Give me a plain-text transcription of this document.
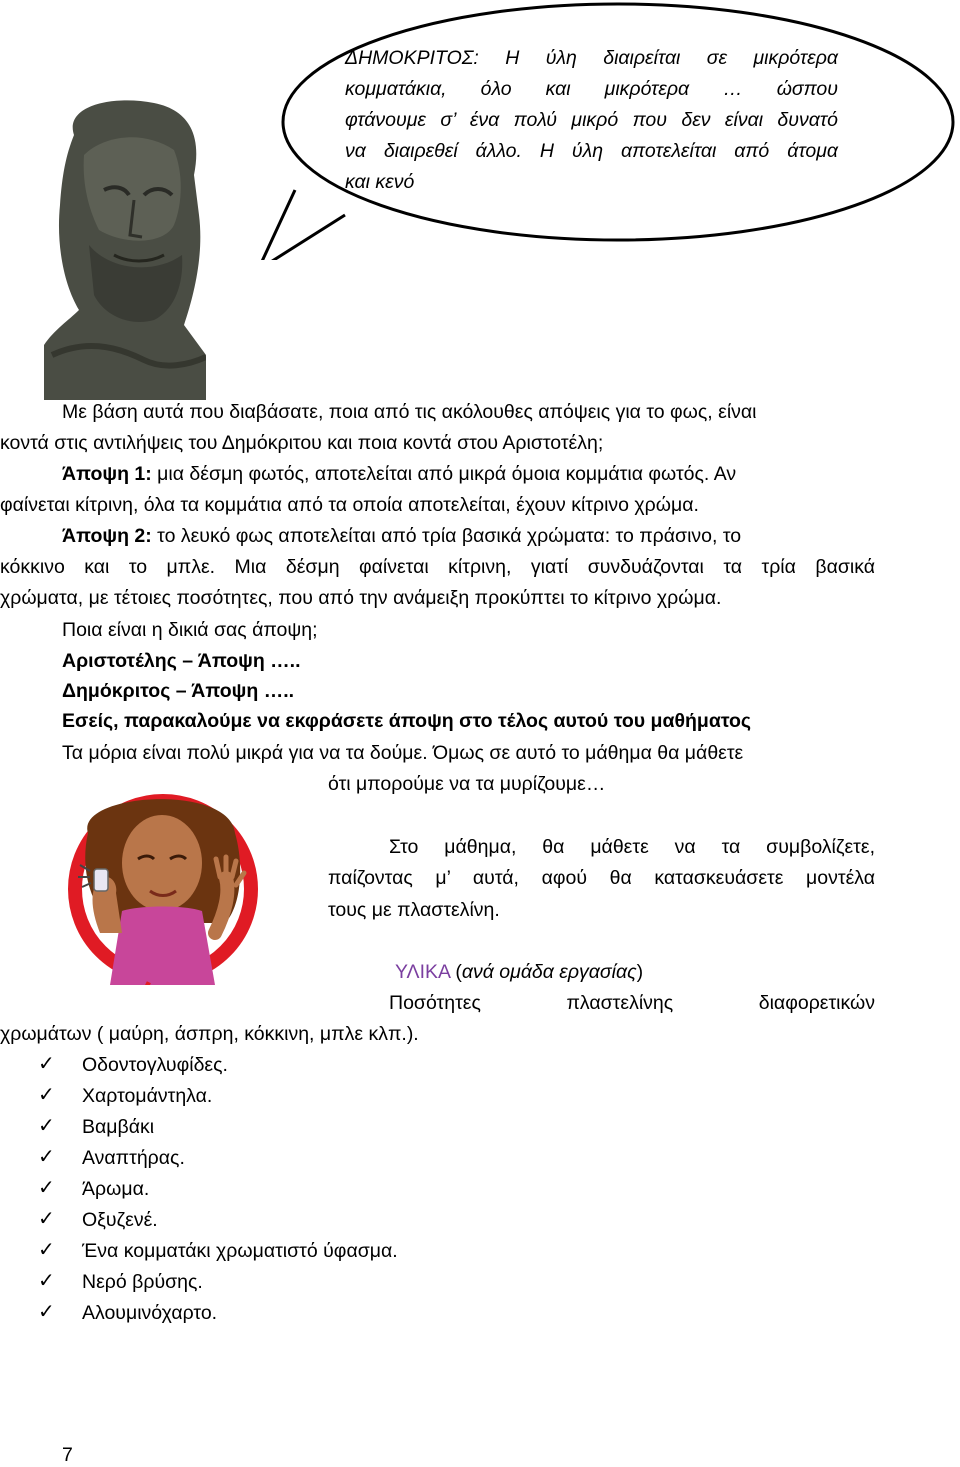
ΔΗΜΟΚΡΙΤΟΣ: Η ύλη διαιρείται σε μικρότερα
κομματάκια, όλο και μικρότερα … ώσπου
φτάνουμε σ’ ένα πολύ μικρό που δεν είναι δυνατό
να διαιρεθεί άλλο. Η ύλη αποτελείται από άτομα
και κενό
Με βάση αυτά που διαβάσατε, ποια από τις ακόλουθες απόψεις για το φως, είναι
κοντά στις αντιλήψεις του Δημόκριτου και ποια κοντά στου Αριστοτέλη;
Άποψη 1: μια δέσμη φωτός, αποτελείται από μικρά όμοια κομμάτια φωτός. Αν
φαίνεται κίτρινη, όλα τα κομμάτια από τα οποία αποτελείται, έχουν κίτρινο χρώμα.
Άποψη 2: το λευκό φως αποτελείται από τρία βασικά χρώματα: το πράσινο, το
κόκκινο και το μπλε. Μια δέσμη φαίνεται κίτρινη, γιατί συνδυάζονται τα τρία βασικά
χρώματα, με τέτοιες ποσότητες, που από την ανάμειξη προκύπτει το κίτρινο χρώμα.
Ποια είναι η δικιά σας άποψη;
Αριστοτέλης – Άποψη …..
Δημόκριτος – Άποψη …..
Εσείς, παρακαλούμε να εκφράσετε άποψη στο τέλος αυτού του μαθήματος
Τα μόρια είναι πολύ μικρά για να τα δούμε. Όμως σε αυτό το μάθημα θα μάθετε
ότι μπορούμε να τα μυρίζουμε…
Στο μάθημα, θα μάθετε να τα συμβολίζετε,
παίζοντας μ’ αυτά, αφού θα κατασκευάσετε μοντέλα
τους με πλαστελίνη.
ΥΛΙΚΑ (ανά ομάδα εργασίας)
Ποσότητες πλαστελίνης διαφορετικών
χρωμάτων ( μαύρη, άσπρη, κόκκινη, μπλε κλπ.).
✓ Οδοντογλυφίδες.
✓ Χαρτομάντηλα.
✓ Βαμβάκι
✓ Αναπτήρας.
✓ Άρωμα.
✓ Οξυζενέ.
✓ Ένα κομματάκι χρωματιστό ύφασμα.
✓ Νερό βρύσης.
✓ Αλουμινόχαρτο.
7
